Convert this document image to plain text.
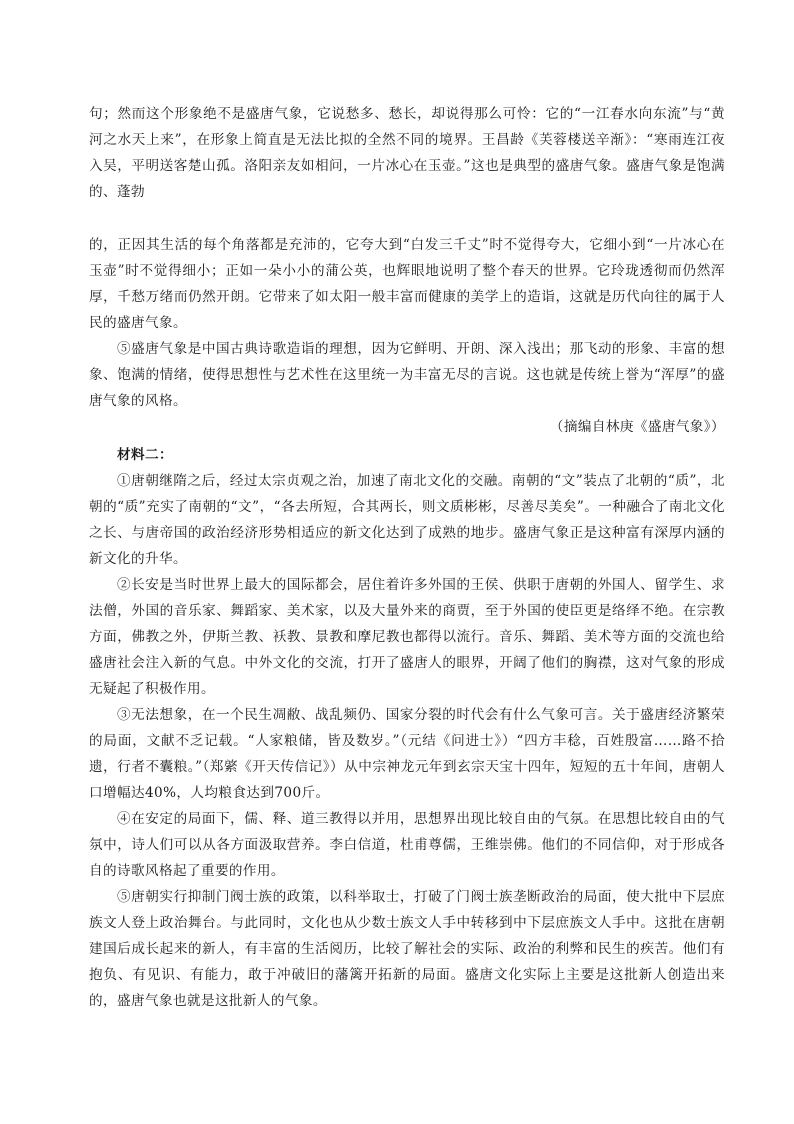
句；然而这个形象绝不是盛唐气象，它说愁多、愁长，却说得那么可怜：它的“一江春水向东流”与“黄河之水天上来”，在形象上简直是无法比拟的全然不同的境界。王昌龄《芙蓉楼送辛渐》：“寒雨连江夜入吴，平明送客楚山孤。洛阳亲友如相问，一片冰心在玉壶。”这也是典型的盛唐气象。盛唐气象是饱满的、蓬勃

的，正因其生活的每个角落都是充沛的，它夸大到“白发三千丈”时不觉得夸大，它细小到“一片冰心在玉壶”时不觉得细小；正如一朵小小的蒲公英，也辉眼地说明了整个春天的世界。它玲珑透彻而仍然浑厚，千愁万绪而仍然开朗。它带来了如太阳一般丰富而健康的美学上的造诣，这就是历代向往的属于人民的盛唐气象。

⑤盛唐气象是中国古典诗歌造诣的理想，因为它鲜明、开朗、深入浅出；那飞动的形象、丰富的想象、饱满的情绪，使得思想性与艺术性在这里统一为丰富无尽的言说。这也就是传统上誉为“浑厚”的盛唐气象的风格。

（摘编自林庚《盛唐气象》）

材料二：

①唐朝继隋之后，经过太宗贞观之治，加速了南北文化的交融。南朝的“文”装点了北朝的“质”，北朝的“质”充实了南朝的“文”，“各去所短，合其两长，则文质彬彬，尽善尽美矣”。一种融合了南北文化之长、与唐帝国的政治经济形势相适应的新文化达到了成熟的地步。盛唐气象正是这种富有深厚内涵的新文化的升华。

②长安是当时世界上最大的国际都会，居住着许多外国的王侯、供职于唐朝的外国人、留学生、求法僧，外国的音乐家、舞蹈家、美术家，以及大量外来的商贾，至于外国的使臣更是络绎不绝。在宗教方面，佛教之外，伊斯兰教、袄教、景教和摩尼教也都得以流行。音乐、舞蹈、美术等方面的交流也给盛唐社会注入新的气息。中外文化的交流，打开了盛唐人的眼界，开阔了他们的胸襟，这对气象的形成无疑起了积极作用。

③无法想象，在一个民生凋敝、战乱频仍、国家分裂的时代会有什么气象可言。关于盛唐经济繁荣的局面，文献不乏记载。“人家粮储，皆及数岁。”（元结《问进士》）“四方丰稔，百姓殷富……路不拾遗，行者不囊粮。”（郑綮《开天传信记》）从中宗神龙元年到玄宗天宝十四年，短短的五十年间，唐朝人口增幅达40%，人均粮食达到700斤。

④在安定的局面下，儒、释、道三教得以并用，思想界出现比较自由的气氛。在思想比较自由的气氛中，诗人们可以从各方面汲取营养。李白信道，杜甫尊儒，王维崇佛。他们的不同信仰，对于形成各自的诗歌风格起了重要的作用。

⑤唐朝实行抑制门阀士族的政策，以科举取士，打破了门阀士族垄断政治的局面，使大批中下层庶族文人登上政治舞台。与此同时，文化也从少数士族文人手中转移到中下层庶族文人手中。这批在唐朝建国后成长起来的新人，有丰富的生活阅历，比较了解社会的实际、政治的利弊和民生的疾苦。他们有抱负、有见识、有能力，敢于冲破旧的藩篱开拓新的局面。盛唐文化实际上主要是这批新人创造出来的，盛唐气象也就是这批新人的气象。
